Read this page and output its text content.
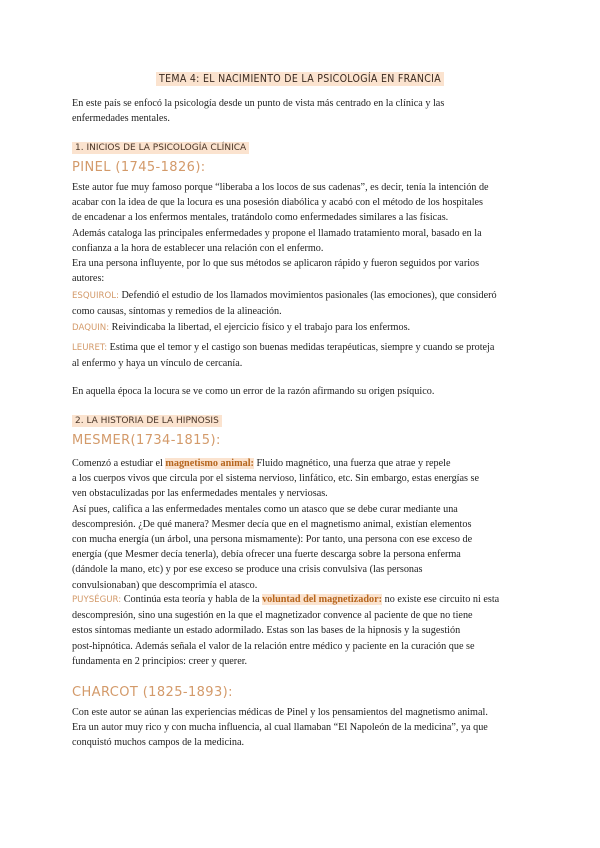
TEMA 4: EL NACIMIENTO DE LA PSICOLOGÍA EN FRANCIA
En este país se enfocó la psicología desde un punto de vista más centrado en la clínica y las
enfermedades mentales.
1. INICIOS DE LA PSICOLOGÍA CLÍNICA
PINEL (1745-1826):
Este autor fue muy famoso porque “liberaba a los locos de sus cadenas”, es decir, tenía la intención de
acabar con la idea de que la locura es una posesión diabólica y acabó con el método de los hospitales
de encadenar a los enfermos mentales, tratándolo como enfermedades similares a las físicas.
Además cataloga las principales enfermedades y propone el llamado tratamiento moral, basado en la
confianza a la hora de establecer una relación con el enfermo.
Era una persona influyente, por lo que sus métodos se aplicaron rápido y fueron seguidos por varios
autores:
ESQUIROL: Defendió el estudio de los llamados movimientos pasionales (las emociones), que consideró
como causas, síntomas y remedios de la alineación.
DAQUIN: Reivindicaba la libertad, el ejercicio físico y el trabajo para los enfermos.
LEURET: Estima que el temor y el castigo son buenas medidas terapéuticas, siempre y cuando se proteja
al enfermo y haya un vínculo de cercanía.
En aquella época la locura se ve como un error de la razón afirmando su origen psíquico.
2. LA HISTORIA DE LA HIPNOSIS
MESMER(1734-1815):
Comenzó a estudiar el magnetismo animal: Fluido magnético, una fuerza que atrae y repele
a los cuerpos vivos que circula por el sistema nervioso, linfático, etc. Sin embargo, estas energías se
ven obstaculizadas por las enfermedades mentales y nerviosas.
Así pues, califica a las enfermedades mentales como un atasco que se debe curar mediante una
descompresión. ¿De qué manera? Mesmer decía que en el magnetismo animal, existían elementos
con mucha energía (un árbol, una persona mismamente): Por tanto, una persona con ese exceso de
energía (que Mesmer decía tenerla), debía ofrecer una fuerte descarga sobre la persona enferma
(dándole la mano, etc) y por ese exceso se produce una crisis convulsiva (las personas
convulsionaban) que descomprimía el atasco.
PUYSÉGUR: Continúa esta teoría y habla de la voluntad del magnetizador: no existe ese circuito ni esta
descompresión, sino una sugestión en la que el magnetizador convence al paciente de que no tiene
estos síntomas mediante un estado adormilado. Estas son las bases de la hipnosis y la sugestión
post-hipnótica. Además señala el valor de la relación entre médico y paciente en la curación que se
fundamenta en 2 principios: creer y querer.
CHARCOT (1825-1893):
Con este autor se aúnan las experiencias médicas de Pinel y los pensamientos del magnetismo animal.
Era un autor muy rico y con mucha influencia, al cual llamaban “El Napoleón de la medicina”, ya que
conquistó muchos campos de la medicina.
